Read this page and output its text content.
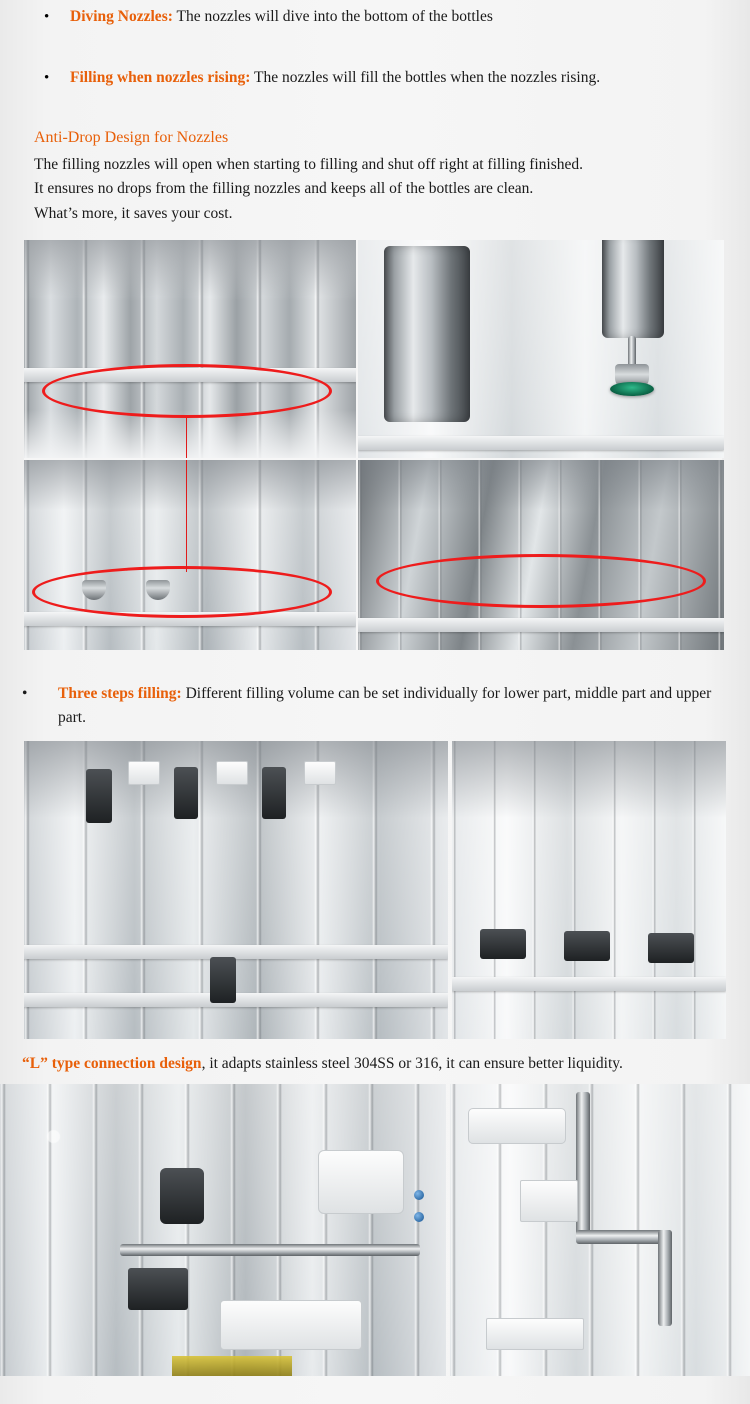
•	Diving Nozzles: The nozzles will dive into the bottom of the bottles
•	Filling when nozzles rising: The nozzles will fill the bottles when the nozzles rising.
Anti-Drop Design for Nozzles
The filling nozzles will open when starting to filling and shut off right at filling finished.
It ensures no drops from the filling nozzles and keeps all of the bottles are clean.
What’s more, it saves your cost.
•	Three steps filling: Different filling volume can be set individually for lower part, middle part and upper part.
“L” type connection design, it adapts stainless steel 304SS or 316, it can ensure better liquidity.
